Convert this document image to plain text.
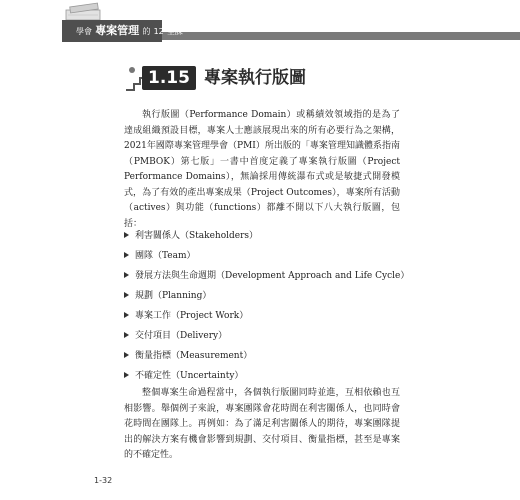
學會 專案管理 的 12 堂課
1.15 專案執行版圖

執行版圖（Performance Domain）或稱績效領域指的是為了達成組織預設目標，專案人士應該展現出來的所有必要行為之架構，2021年國際專案管理學會（PMI）所出版的「專案管理知識體系指南（PMBOK）第七版」一書中首度定義了專案執行版圖（Project Performance Domains），無論採用傳統瀑布式或是敏捷式開發模式，為了有效的產出專案成果（Project Outcomes），專案所有活動（actives）與功能（functions）都離不開以下八大執行版圖，包括：

利害關係人（Stakeholders）
團隊（Team）
發展方法與生命週期（Development Approach and Life Cycle）
規劃（Planning）
專案工作（Project Work）
交付項目（Delivery）
衡量指標（Measurement）
不確定性（Uncertainty）

整個專案生命過程當中，各個執行版圖同時並進，互相依賴也互相影響。舉個例子來說，專案團隊會花時間在利害關係人，也同時會花時間在團隊上。再例如：為了滿足利害關係人的期待，專案團隊提出的解決方案有機會影響到規劃、交付項目、衡量指標，甚至是專案的不確定性。

1-32
